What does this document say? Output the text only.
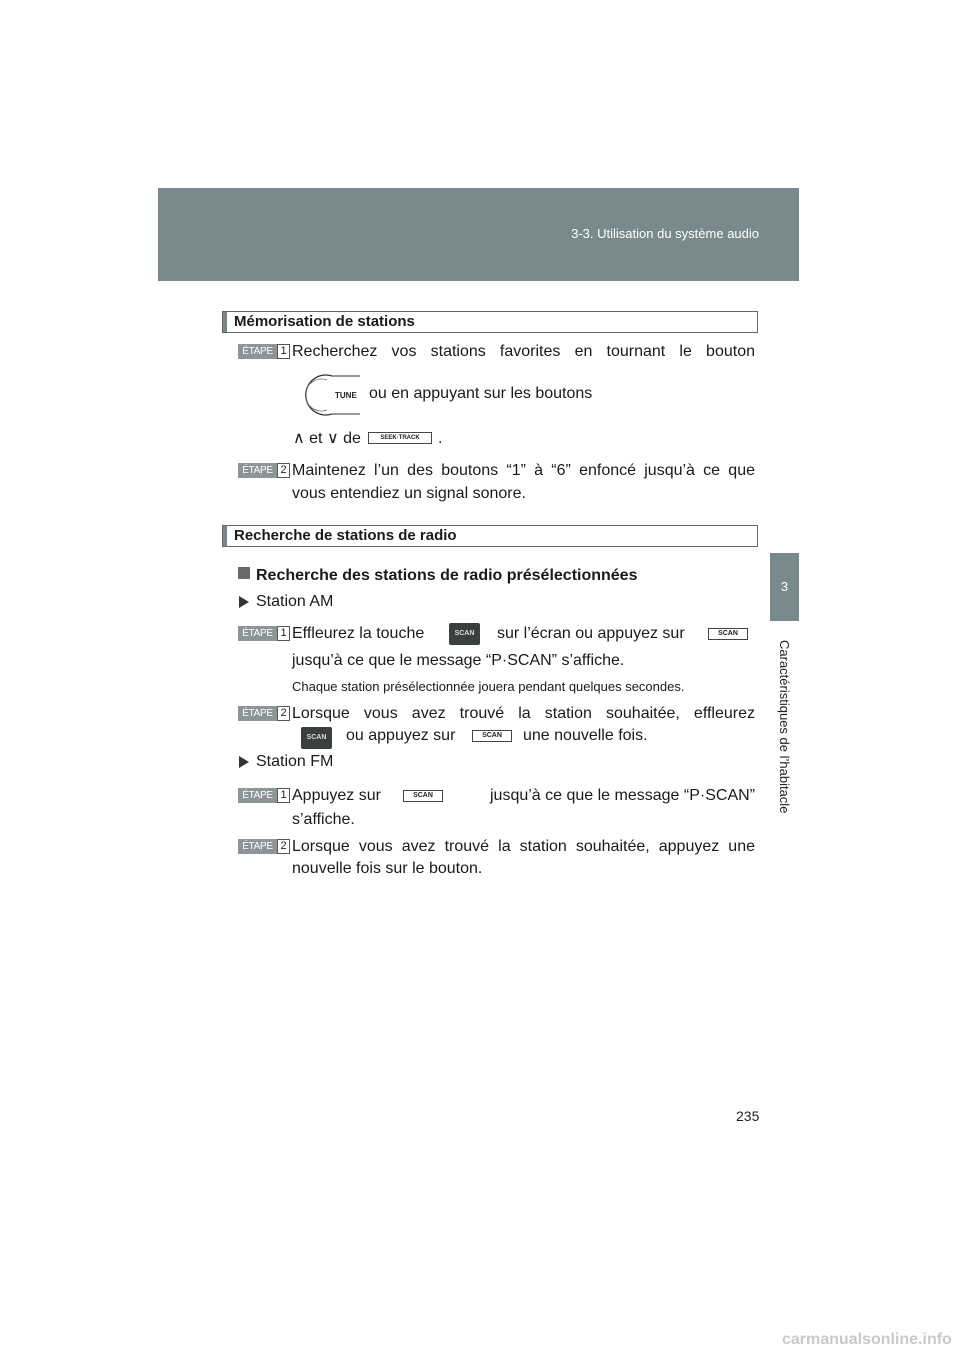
3-3. Utilisation du système audio
3
Caractéristiques de l’habitacle
Mémorisation de stations
ÉTAPE 1 Recherchez vos stations favorites en tournant le bouton
TUNE ou en appuyant sur les boutons
∧ et ∨ de	SEEK·TRACK	.
ÉTAPE 2 Maintenez l’un des boutons “1” à “6” enfoncé jusqu’à ce que
vous entendiez un signal sonore.
Recherche de stations de radio
Recherche des stations de radio présélectionnées
Station AM
ÉTAPE 1 Effleurez la touche	SCAN	sur l’écran ou appuyez sur	SCAN
jusqu’à ce que le message “P·SCAN” s’affiche.
Chaque station présélectionnée jouera pendant quelques secondes.
ÉTAPE 2 Lorsque vous avez trouvé la station souhaitée, effleurez
SCAN	ou appuyez sur	SCAN	une nouvelle fois.
Station FM
ÉTAPE 1 Appuyez sur	SCAN	jusqu’à ce que le message “P·SCAN”
s’affiche.
ÉTAPE 2 Lorsque vous avez trouvé la station souhaitée, appuyez une
nouvelle fois sur le bouton.
235
carmanualsonline.info
